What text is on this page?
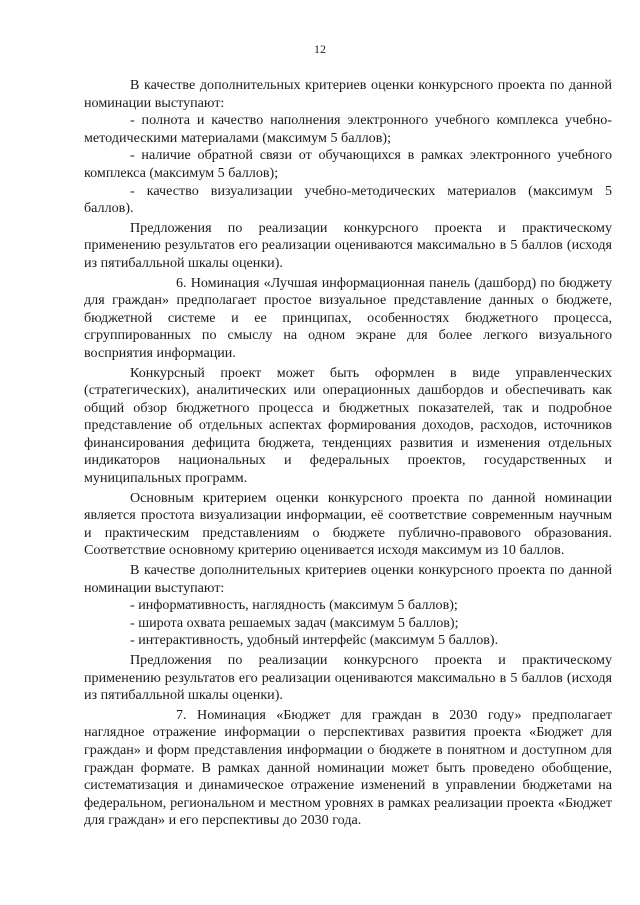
12

В качестве дополнительных критериев оценки конкурсного проекта по данной номинации выступают:

- полнота и качество наполнения электронного учебного комплекса учебно-методическими материалами (максимум 5 баллов);

- наличие обратной связи от обучающихся в рамках электронного учебного комплекса (максимум 5 баллов);

- качество визуализации учебно-методических материалов (максимум 5 баллов).

Предложения по реализации конкурсного проекта и практическому применению результатов его реализации оцениваются максимально в 5 баллов (исходя из пятибалльной шкалы оценки).

6. Номинация «Лучшая информационная панель (дашборд) по бюджету для граждан» предполагает простое визуальное представление данных о бюджете, бюджетной системе и ее принципах, особенностях бюджетного процесса, сгруппированных по смыслу на одном экране для более легкого визуального восприятия информации.

Конкурсный проект может быть оформлен в виде управленческих (стратегических), аналитических или операционных дашбордов и обеспечивать как общий обзор бюджетного процесса и бюджетных показателей, так и подробное представление об отдельных аспектах формирования доходов, расходов, источников финансирования дефицита бюджета, тенденциях развития и изменения отдельных индикаторов национальных и федеральных проектов, государственных и муниципальных программ.

Основным критерием оценки конкурсного проекта по данной номинации является простота визуализации информации, её соответствие современным научным и практическим представлениям о бюджете публично-правового образования. Соответствие основному критерию оценивается исходя максимум из 10 баллов.

В качестве дополнительных критериев оценки конкурсного проекта по данной номинации выступают:

- информативность, наглядность (максимум 5 баллов);

- широта охвата решаемых задач (максимум 5 баллов);

- интерактивность, удобный интерфейс (максимум 5 баллов).

Предложения по реализации конкурсного проекта и практическому применению результатов его реализации оцениваются максимально в 5 баллов (исходя из пятибалльной шкалы оценки).

7. Номинация «Бюджет для граждан в 2030 году» предполагает наглядное отражение информации о перспективах развития проекта «Бюджет для граждан» и форм представления информации о бюджете в понятном и доступном для граждан формате. В рамках данной номинации может быть проведено обобщение, систематизация и динамическое отражение изменений в управлении бюджетами на федеральном, региональном и местном уровнях в рамках реализации проекта «Бюджет для граждан» и его перспективы до 2030 года.
